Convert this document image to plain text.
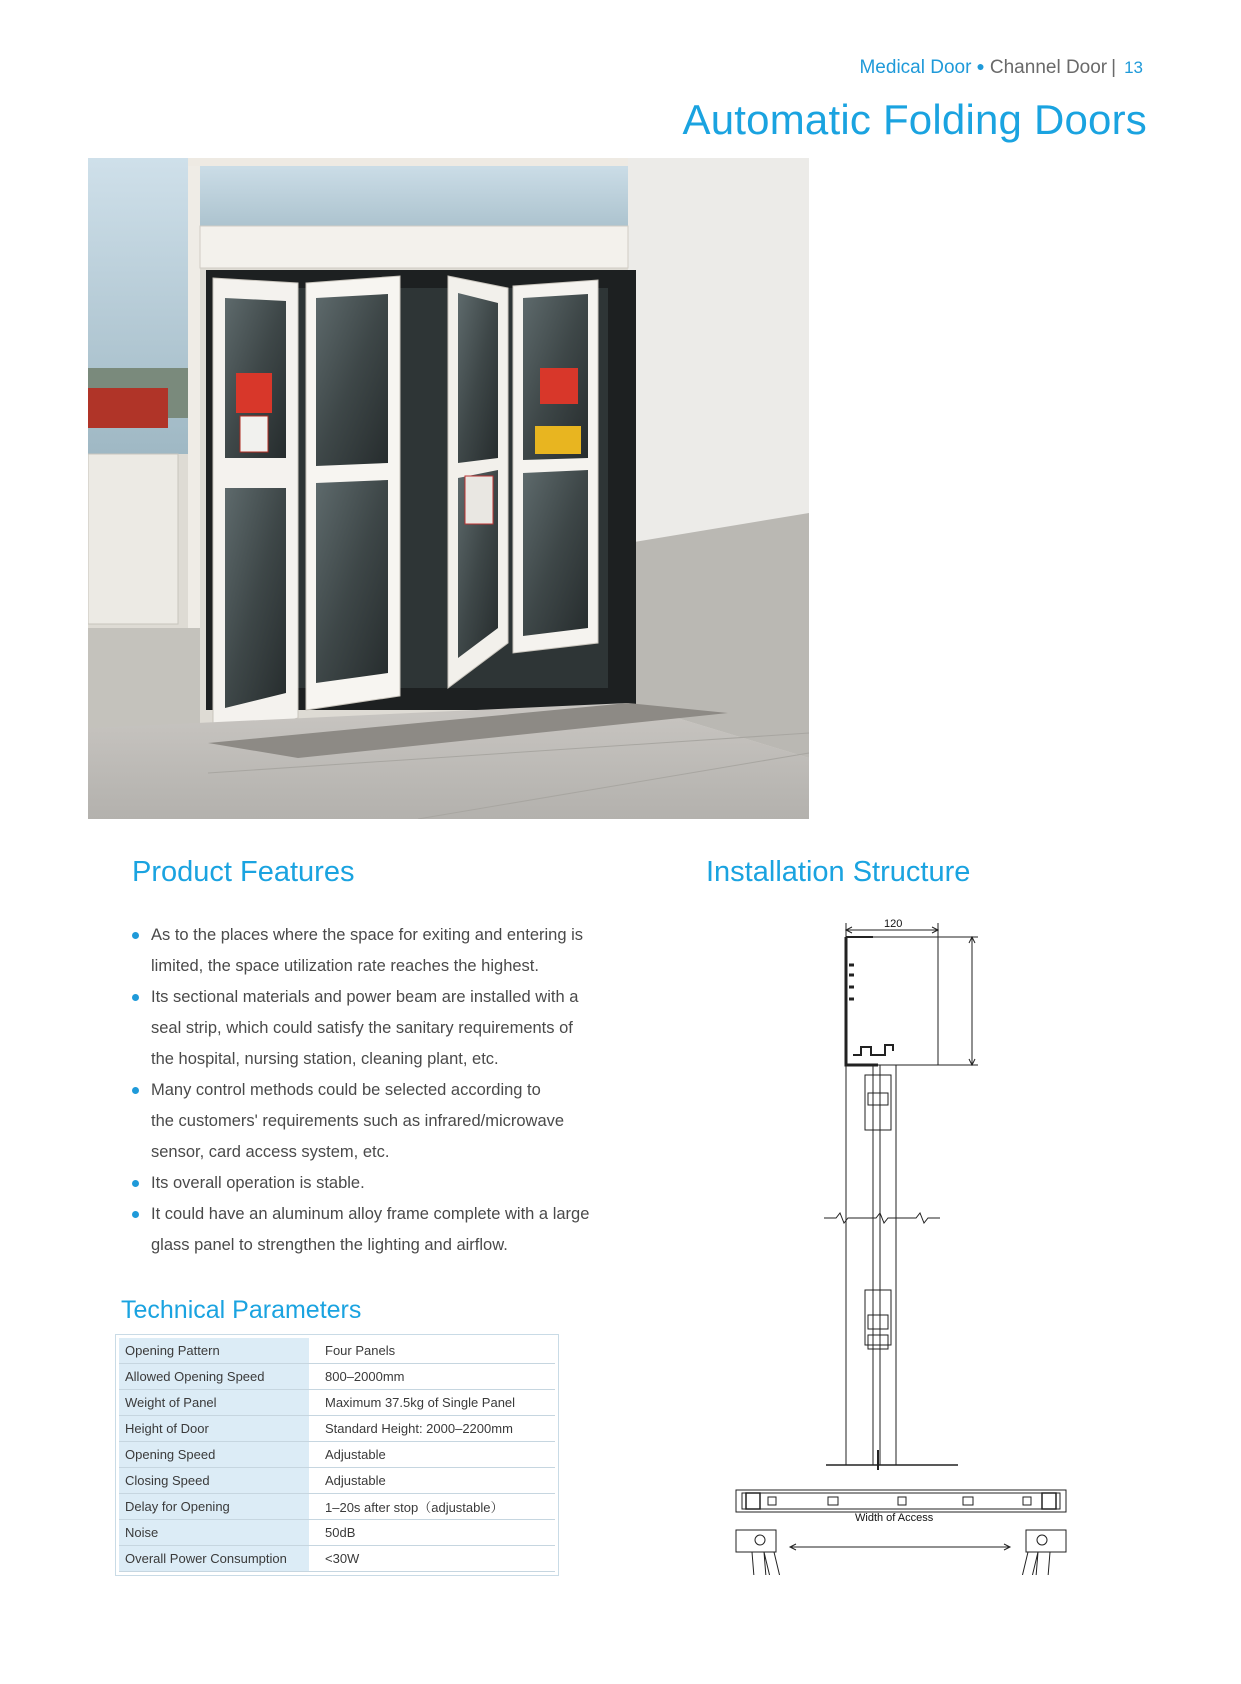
Medical Door ● Channel Door | 13
Automatic Folding Doors
Product Features
As to the places where the space for exiting and entering is
limited, the space utilization rate reaches the highest.
Its sectional materials and power beam are installed with a
seal strip, which could satisfy the sanitary requirements of
the hospital, nursing station, cleaning plant, etc.
Many control methods could be selected according to
the customers' requirements such as infrared/microwave
sensor, card access system, etc.
Its overall operation is stable.
It could have an aluminum alloy frame complete with a large
glass panel to strengthen the lighting and airflow.
Technical Parameters
Opening Pattern	Four Panels
Allowed Opening Speed	800–2000mm
Weight of Panel	Maximum 37.5kg of Single Panel
Height of Door	Standard Height: 2000–2200mm
Opening Speed	Adjustable
Closing Speed	Adjustable
Delay for Opening	1–20s after stop（adjustable）
Noise	50dB
Overall Power Consumption	<30W
Installation Structure
120
Width of Access
